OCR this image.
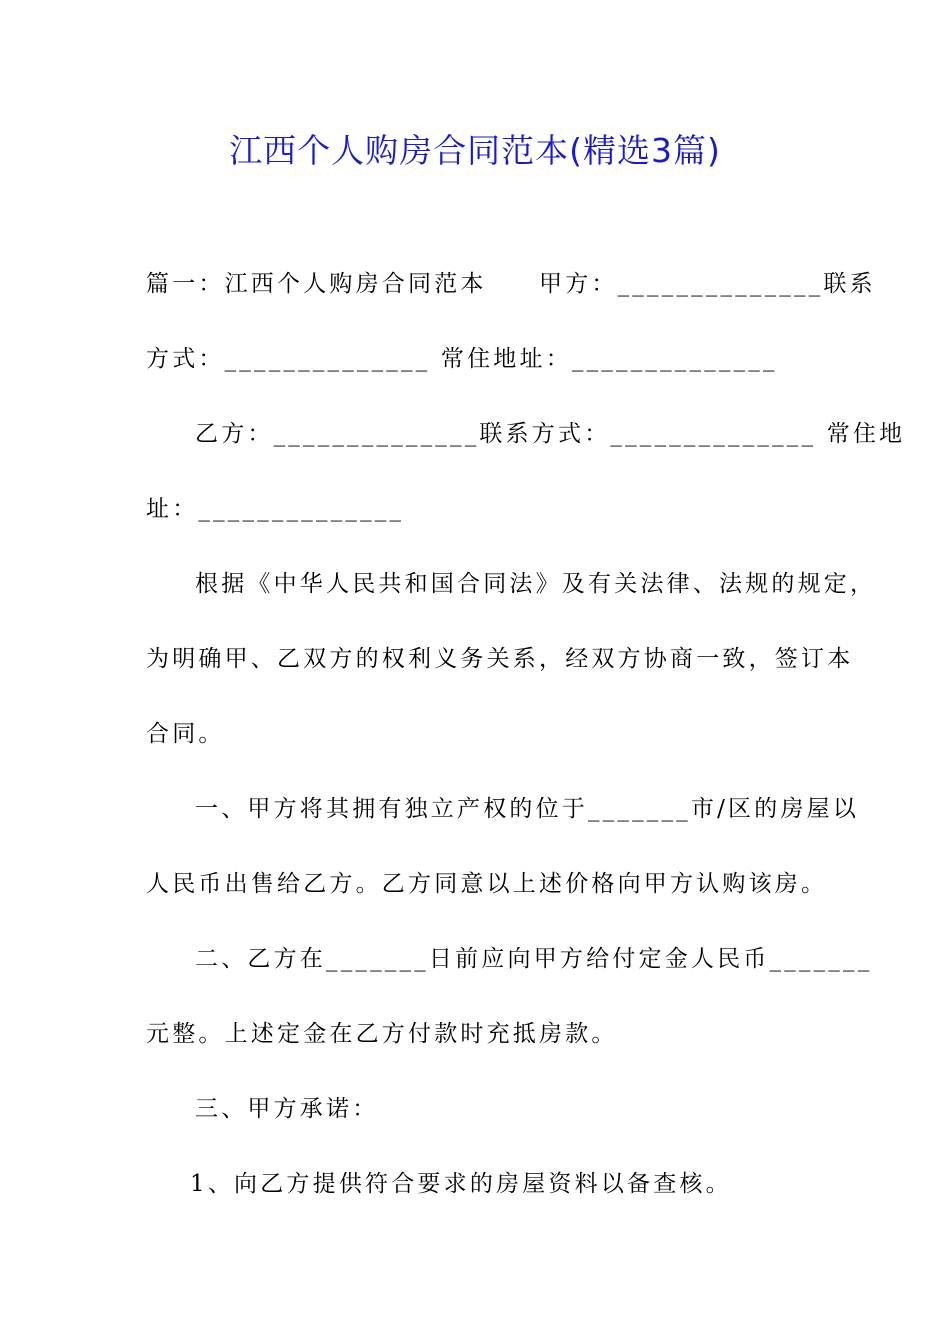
江西个人购房合同范本(精选3篇)
篇一：江西个人购房合同范本　　甲方：______________联系
方式：______________ 常住地址：______________
乙方：______________联系方式：______________ 常住地
址：______________
根据《中华人民共和国合同法》及有关法律、法规的规定，
为明确甲、乙双方的权利义务关系，经双方协商一致，签订本
合同。
一、甲方将其拥有独立产权的位于_______市/区的房屋以
人民币出售给乙方。乙方同意以上述价格向甲方认购该房。
二、乙方在_______日前应向甲方给付定金人民币_______
元整。上述定金在乙方付款时充抵房款。
三、甲方承诺：
1、向乙方提供符合要求的房屋资料以备查核。
